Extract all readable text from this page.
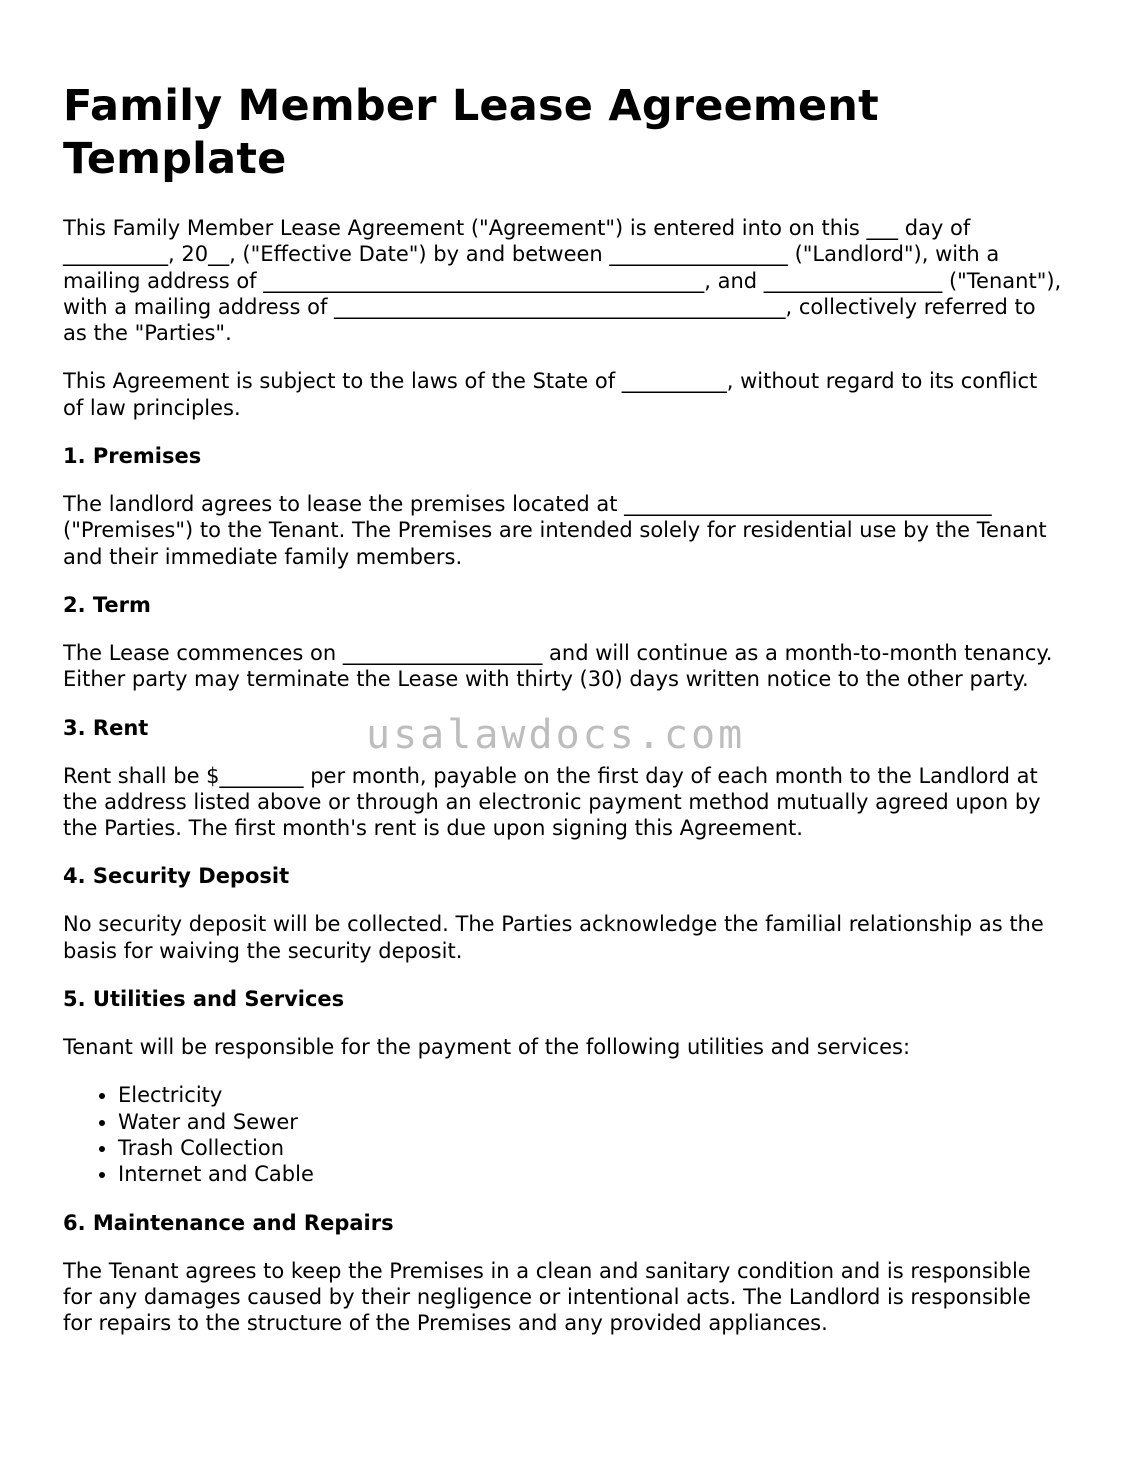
Family Member Lease Agreement Template

This Family Member Lease Agreement ("Agreement") is entered into on this ___ day of __________, 20__, ("Effective Date") by and between _________________ ("Landlord"), with a mailing address of __________________________________________, and _________________ ("Tenant"), with a mailing address of ___________________________________________, collectively referred to as the "Parties".

This Agreement is subject to the laws of the State of __________, without regard to its conflict of law principles.

1. Premises

The landlord agrees to lease the premises located at ___________________________________ ("Premises") to the Tenant. The Premises are intended solely for residential use by the Tenant and their immediate family members.

2. Term

The Lease commences on ___________________ and will continue as a month-to-month tenancy. Either party may terminate the Lease with thirty (30) days written notice to the other party.

3. Rent

Rent shall be $________ per month, payable on the first day of each month to the Landlord at the address listed above or through an electronic payment method mutually agreed upon by the Parties. The first month's rent is due upon signing this Agreement.

4. Security Deposit

No security deposit will be collected. The Parties acknowledge the familial relationship as the basis for waiving the security deposit.

5. Utilities and Services

Tenant will be responsible for the payment of the following utilities and services:

• Electricity
• Water and Sewer
• Trash Collection
• Internet and Cable
6. Maintenance and Repairs

The Tenant agrees to keep the Premises in a clean and sanitary condition and is responsible for any damages caused by their negligence or intentional acts. The Landlord is responsible for repairs to the structure of the Premises and any provided appliances.

usalawdocs.com
